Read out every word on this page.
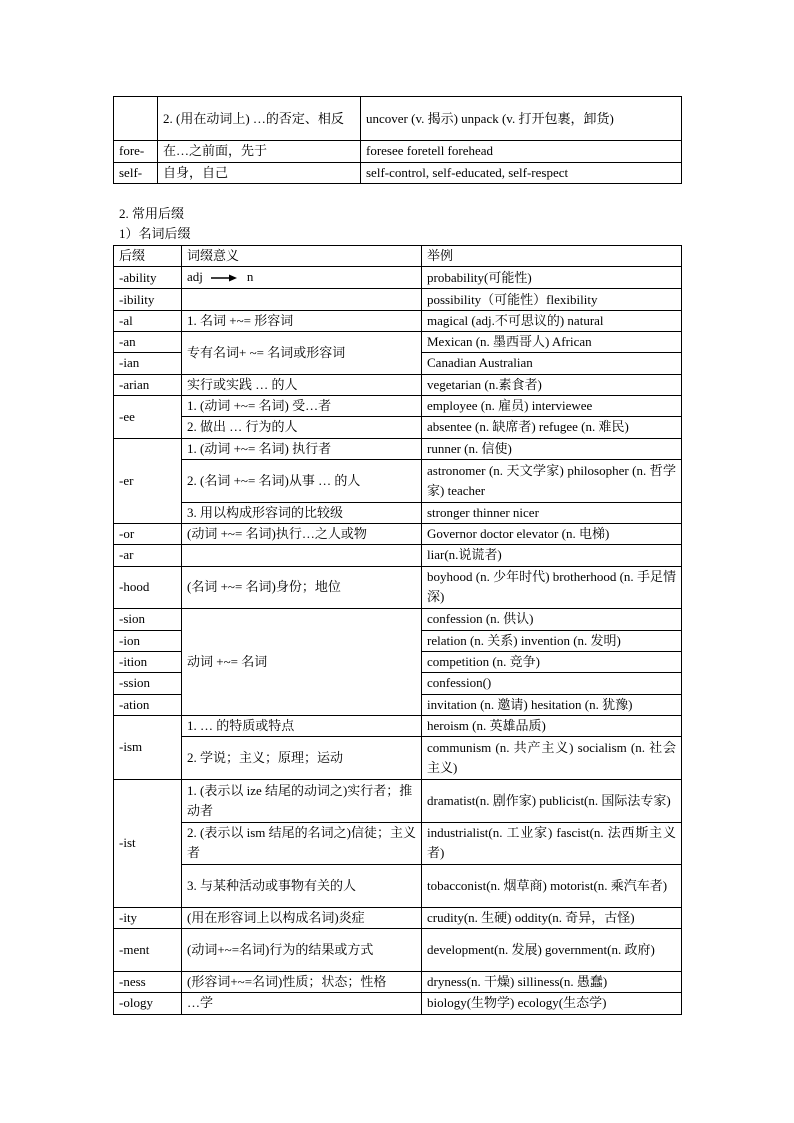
	2. (用在动词上) …的否定、相反	uncover (v. 揭示) unpack (v. 打开包裹，卸货)
fore-	在…之前面，先于	foresee foretell forehead
self-	自身，自己	self-control, self-educated, self-respect
2. 常用后缀
1）名词后缀
后缀	词缀意义	举例
-ability	adj n	probability(可能性)
-ibility		possibility（可能性）flexibility
-al	1. 名词 +~= 形容词	magical (adj.不可思议的) natural
-an	专有名词+ ~= 名词或形容词	Mexican (n. 墨西哥人) African
-ian		Canadian Australian
-arian	实行或实践 … 的人	vegetarian (n.素食者)
-ee	1. (动词 +~= 名词) 受…者	employee (n. 雇员) interviewee
	2. 做出 … 行为的人	absentee (n. 缺席者) refugee (n. 难民)
-er	1. (动词 +~= 名词) 执行者	runner (n. 信使)
	2. (名词 +~= 名词)从事 … 的人	astronomer (n. 天文学家) philosopher (n. 哲学家) teacher
	3. 用以构成形容词的比较级	stronger thinner nicer
-or	(动词 +~= 名词)执行…之人或物	Governor doctor elevator (n. 电梯)
-ar		liar(n.说谎者)
-hood	(名词 +~= 名词)身份；地位	boyhood (n. 少年时代) brotherhood (n. 手足情深)
-sion	动词 +~= 名词	confession (n. 供认)
-ion		relation (n. 关系) invention (n. 发明)
-ition		competition (n. 竞争)
-ssion		confession()
-ation		invitation (n. 邀请) hesitation (n. 犹豫)
-ism	1. … 的特质或特点	heroism (n. 英雄品质)
	2. 学说；主义；原理；运动	communism (n. 共产主义) socialism (n. 社会主义)
-ist	1. (表示以 ize 结尾的动词之)实行者；推动者	dramatist(n. 剧作家) publicist(n. 国际法专家)
	2. (表示以 ism 结尾的名词之)信徒；主义者	industrialist(n. 工业家) fascist(n. 法西斯主义者)
	3. 与某种活动或事物有关的人	tobacconist(n. 烟草商) motorist(n. 乘汽车者)
-ity	(用在形容词上以构成名词)炎症	crudity(n. 生硬) oddity(n. 奇异，古怪)
-ment	(动词+~=名词)行为的结果或方式	development(n. 发展) government(n. 政府)
-ness	(形容词+~=名词)性质；状态；性格	dryness(n. 干燥) silliness(n. 愚蠢)
-ology	…学	biology(生物学) ecology(生态学)
